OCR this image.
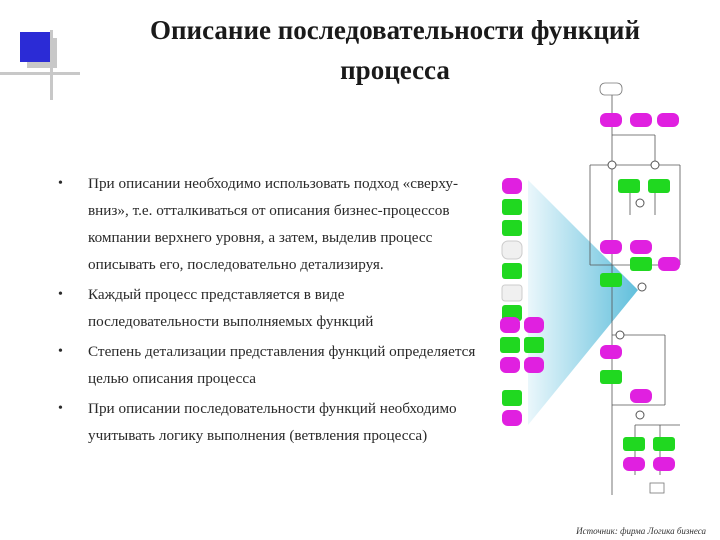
Описание последовательности функций
процесса
• При описании необходимо использовать подход «сверху-вниз», т.е. отталкиваться от описания бизнес-процессов компании верхнего уровня, а затем, выделив процесс описывать его, последовательно детализируя.
• Каждый процесс представляется в виде последовательности выполняемых функций
• Степень детализации представления функций определяется целью описания процесса
• При описании последовательности функций необходимо учитывать логику выполнения (ветвления процесса)
Источник: фирма Логика бизнеса
